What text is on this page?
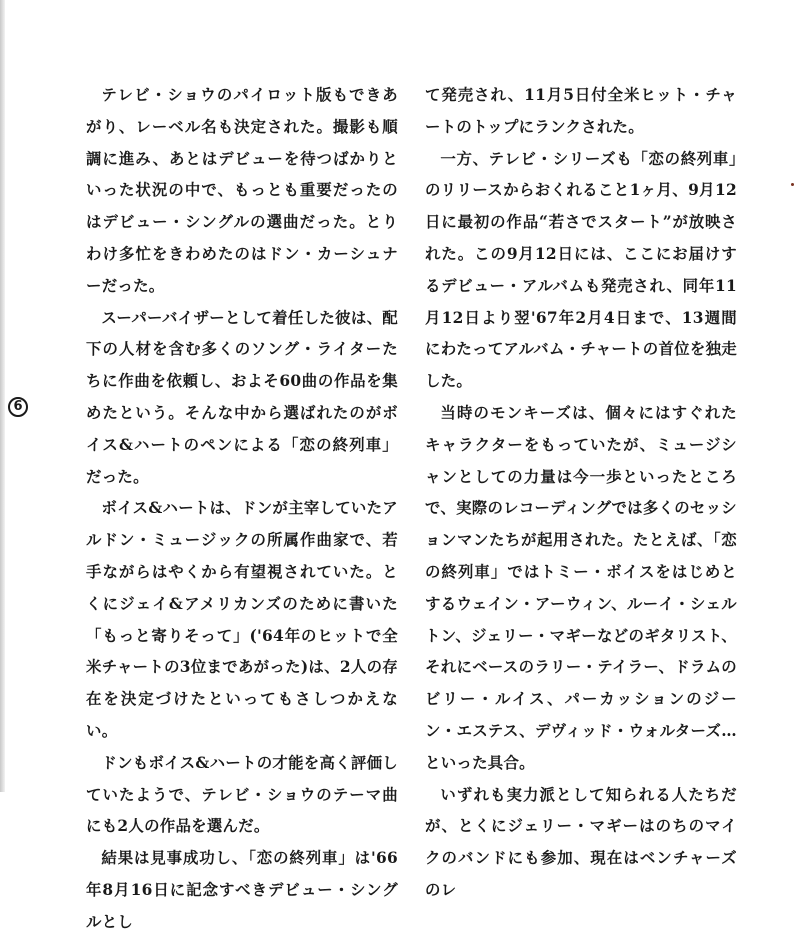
テレビ・ショウのパイロット版もできあがり、レーベル名も決定された。撮影も順調に進み、あとはデビューを待つばかりといった状況の中で、もっとも重要だったのはデビュー・シングルの選曲だった。とりわけ多忙をきわめたのはドン・カーシュナーだった。

スーパーバイザーとして着任した彼は、配下の人材を含む多くのソング・ライターたちに作曲を依頼し、およそ60曲の作品を集めたという。そんな中から選ばれたのがボイス&ハートのペンによる「恋の終列車」だった。

ボイス&ハートは、ドンが主宰していたアルドン・ミュージックの所属作曲家で、若手ながらはやくから有望視されていた。とくにジェイ&アメリカンズのために書いた「もっと寄りそって」('64年のヒットで全米チャートの3位まであがった)は、2人の存在を決定づけたといってもさしつかえない。

ドンもボイス&ハートの才能を高く評価していたようで、テレビ・ショウのテーマ曲にも2人の作品を選んだ。

結果は見事成功し、「恋の終列車」は'66年8月16日に記念すべきデビュー・シングルとし

て発売され、11月5日付全米ヒット・チャートのトップにランクされた。

一方、テレビ・シリーズも「恋の終列車」のリリースからおくれること1ヶ月、9月12日に最初の作品“若さでスタート”が放映された。この9月12日には、ここにお届けするデビュー・アルバムも発売され、同年11月12日より翌'67年2月4日まで、13週間にわたってアルバム・チャートの首位を独走した。

当時のモンキーズは、個々にはすぐれたキャラクターをもっていたが、ミュージシャンとしての力量は今一歩といったところで、実際のレコーディングでは多くのセッションマンたちが起用された。たとえば、「恋の終列車」ではトミー・ボイスをはじめとするウェイン・アーウィン、ルーイ・シェルトン、ジェリー・マギーなどのギタリスト、それにベースのラリー・テイラー、ドラムのビリー・ルイス、パーカッションのジーン・エステス、デヴィッド・ウォルターズ…といった具合。

いずれも実力派として知られる人たちだが、とくにジェリー・マギーはのちのマイクのバンドにも参加、現在はベンチャーズのレ

6
